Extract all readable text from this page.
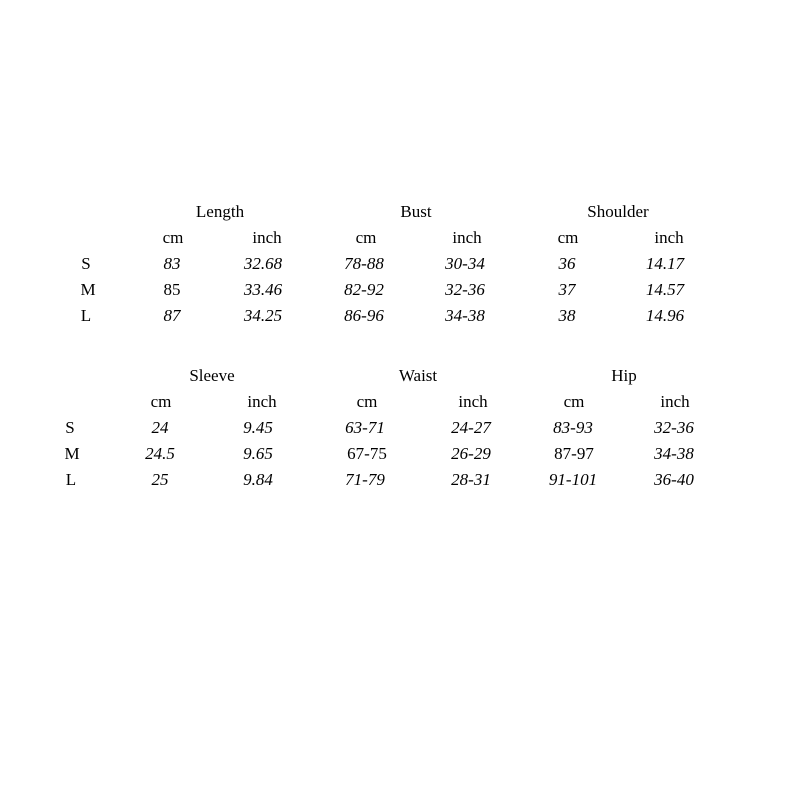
Length	Bust	Shoulder
cm	inch	cm	inch	cm	inch
S	83	32.68	78-88	30-34	36	14.17
M	85	33.46	82-92	32-36	37	14.57
L	87	34.25	86-96	34-38	38	14.96
Sleeve	Waist	Hip
cm	inch	cm	inch	cm	inch
S	24	9.45	63-71	24-27	83-93	32-36
M	24.5	9.65	67-75	26-29	87-97	34-38
L	25	9.84	71-79	28-31	91-101	36-40
